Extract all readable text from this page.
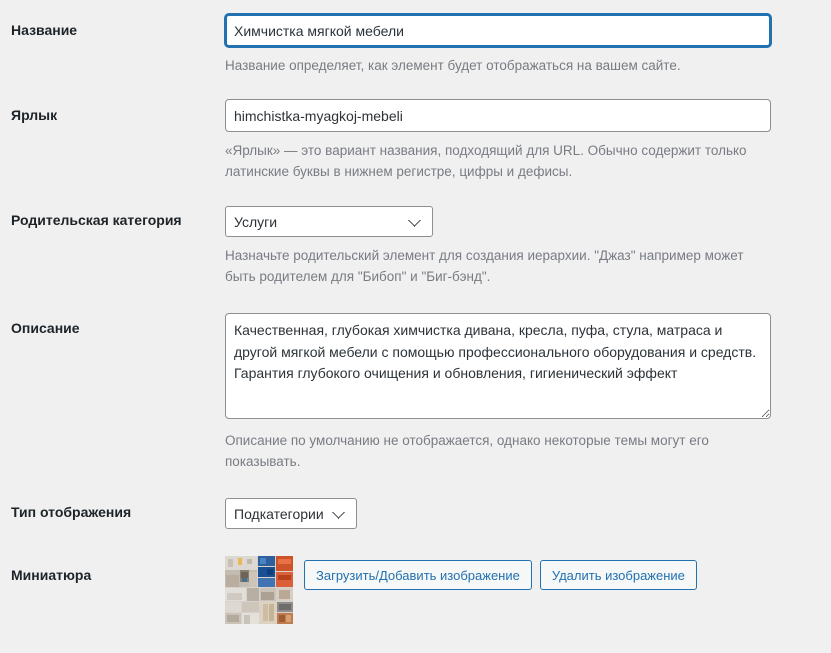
Название
Химчистка мягкой мебели

Название определяет, как элемент будет отображаться на вашем сайте.

Ярлык
himchistka-myagkoj-mebeli

«Ярлык» — это вариант названия, подходящий для URL. Обычно содержит только латинские буквы в нижнем регистре, цифры и дефисы.

Родительская категория
Услуги

Назначьте родительский элемент для создания иерархии. "Джаз" например может быть родителем для "Бибоп" и "Биг-бэнд".

Описание
Качественная, глубокая химчистка дивана, кресла, пуфа, стула, матраса и другой мягкой мебели с помощью профессионального оборудования и средств. Гарантия глубокого очищения и обновления, гигиенический эффект

Описание по умолчанию не отображается, однако некоторые темы могут его показывать.

Тип отображения
Подкатегории
Миниатюра	Загрузить/Добавить изображение	Удалить изображение
